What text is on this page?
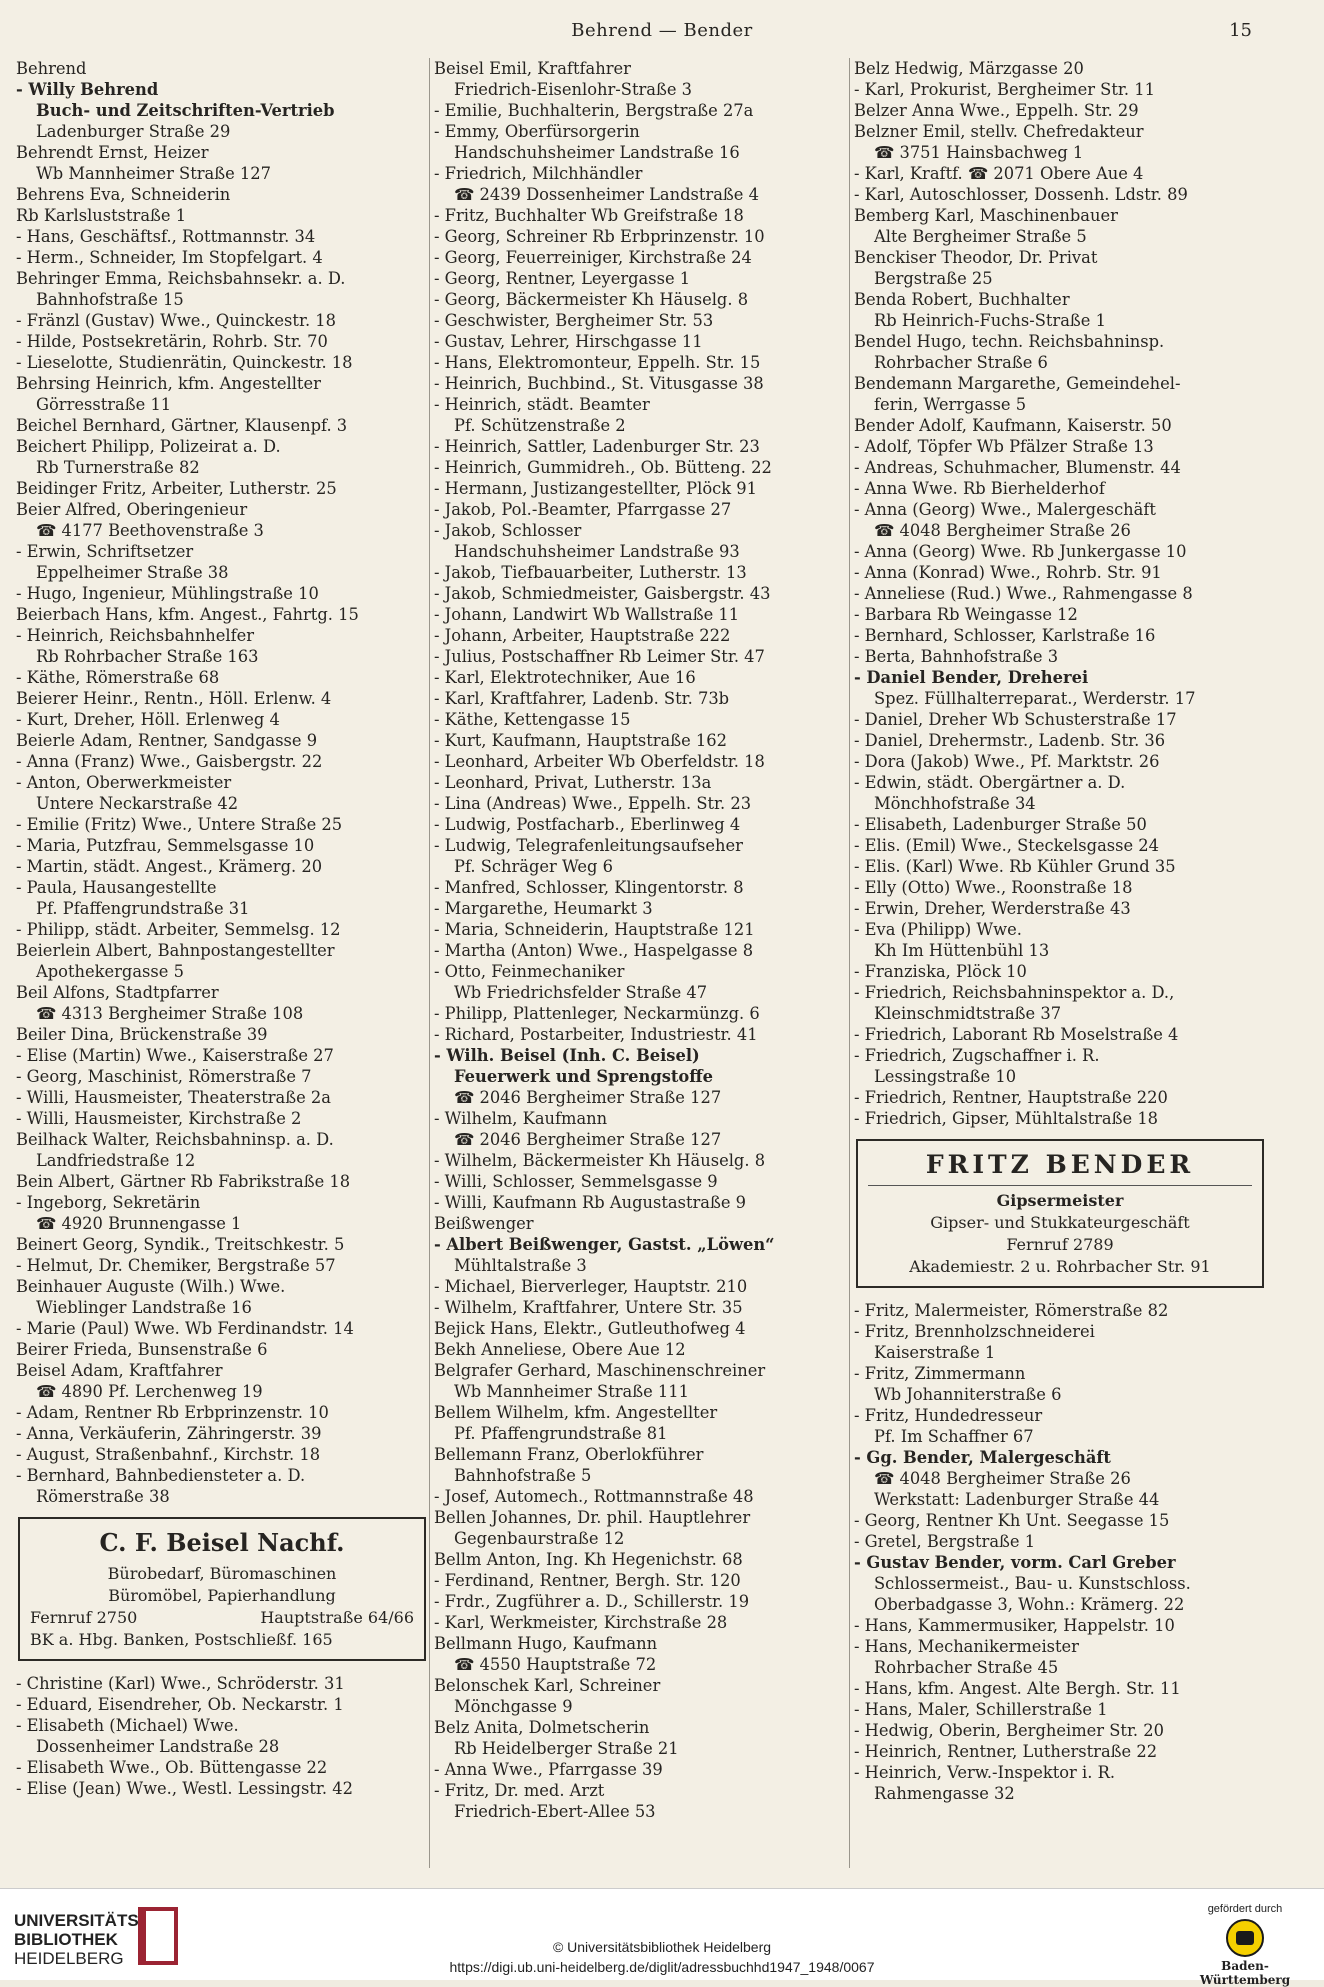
Behrend — Bender	15
Behrend
- Willy Behrend
Buch- und Zeitschriften-Vertrieb
Ladenburger Straße 29
Behrendt Ernst, Heizer
Wb Mannheimer Straße 127
Behrens Eva, Schneiderin
Rb Karlsluststraße 1
- Hans, Geschäftsf., Rottmannstr. 34
- Herm., Schneider, Im Stopfelgart. 4
Behringer Emma, Reichsbahnsekr. a. D.
Bahnhofstraße 15
- Fränzl (Gustav) Wwe., Quinckestr. 18
- Hilde, Postsekretärin, Rohrb. Str. 70
- Lieselotte, Studienrätin, Quinckestr. 18
Behrsing Heinrich, kfm. Angestellter
Görresstraße 11
Beichel Bernhard, Gärtner, Klausenpf. 3
Beichert Philipp, Polizeirat a. D.
Rb Turnerstraße 82
Beidinger Fritz, Arbeiter, Lutherstr. 25
Beier Alfred, Oberingenieur
☎ 4177 Beethovenstraße 3
- Erwin, Schriftsetzer
Eppelheimer Straße 38
- Hugo, Ingenieur, Mühlingstraße 10
Beierbach Hans, kfm. Angest., Fahrtg. 15
- Heinrich, Reichsbahnhelfer
Rb Rohrbacher Straße 163
- Käthe, Römerstraße 68
Beierer Heinr., Rentn., Höll. Erlenw. 4
- Kurt, Dreher, Höll. Erlenweg 4
Beierle Adam, Rentner, Sandgasse 9
- Anna (Franz) Wwe., Gaisbergstr. 22
- Anton, Oberwerkmeister
Untere Neckarstraße 42
- Emilie (Fritz) Wwe., Untere Straße 25
- Maria, Putzfrau, Semmelsgasse 10
- Martin, städt. Angest., Krämerg. 20
- Paula, Hausangestellte
Pf. Pfaffengrundstraße 31
- Philipp, städt. Arbeiter, Semmelsg. 12
Beierlein Albert, Bahnpostangestellter
Apothekergasse 5
Beil Alfons, Stadtpfarrer
☎ 4313 Bergheimer Straße 108
Beiler Dina, Brückenstraße 39
- Elise (Martin) Wwe., Kaiserstraße 27
- Georg, Maschinist, Römerstraße 7
- Willi, Hausmeister, Theaterstraße 2a
- Willi, Hausmeister, Kirchstraße 2
Beilhack Walter, Reichsbahninsp. a. D.
Landfriedstraße 12
Bein Albert, Gärtner Rb Fabrikstraße 18
- Ingeborg, Sekretärin
☎ 4920 Brunnengasse 1
Beinert Georg, Syndik., Treitschkestr. 5
- Helmut, Dr. Chemiker, Bergstraße 57
Beinhauer Auguste (Wilh.) Wwe.
Wieblinger Landstraße 16
- Marie (Paul) Wwe. Wb Ferdinandstr. 14
Beirer Frieda, Bunsenstraße 6
Beisel Adam, Kraftfahrer
☎ 4890 Pf. Lerchenweg 19
- Adam, Rentner Rb Erbprinzenstr. 10
- Anna, Verkäuferin, Zähringerstr. 39
- August, Straßenbahnf., Kirchstr. 18
- Bernhard, Bahnbediensteter a. D.
Römerstraße 38
C. F. Beisel Nachf.
Bürobedarf, Büromaschinen
Büromöbel, Papierhandlung
Fernruf 2750	Hauptstraße 64/66
BK a. Hbg. Banken, Postschließf. 165
- Christine (Karl) Wwe., Schröderstr. 31
- Eduard, Eisendreher, Ob. Neckarstr. 1
- Elisabeth (Michael) Wwe.
Dossenheimer Landstraße 28
- Elisabeth Wwe., Ob. Büttengasse 22
- Elise (Jean) Wwe., Westl. Lessingstr. 42
Beisel Emil, Kraftfahrer
Friedrich-Eisenlohr-Straße 3
- Emilie, Buchhalterin, Bergstraße 27a
- Emmy, Oberfürsorgerin
Handschuhsheimer Landstraße 16
- Friedrich, Milchhändler
☎ 2439 Dossenheimer Landstraße 4
- Fritz, Buchhalter Wb Greifstraße 18
- Georg, Schreiner Rb Erbprinzenstr. 10
- Georg, Feuerreiniger, Kirchstraße 24
- Georg, Rentner, Leyergasse 1
- Georg, Bäckermeister Kh Häuselg. 8
- Geschwister, Bergheimer Str. 53
- Gustav, Lehrer, Hirschgasse 11
- Hans, Elektromonteur, Eppelh. Str. 15
- Heinrich, Buchbind., St. Vitusgasse 38
- Heinrich, städt. Beamter
Pf. Schützenstraße 2
- Heinrich, Sattler, Ladenburger Str. 23
- Heinrich, Gummidreh., Ob. Bütteng. 22
- Hermann, Justizangestellter, Plöck 91
- Jakob, Pol.-Beamter, Pfarrgasse 27
- Jakob, Schlosser
Handschuhsheimer Landstraße 93
- Jakob, Tiefbauarbeiter, Lutherstr. 13
- Jakob, Schmiedmeister, Gaisbergstr. 43
- Johann, Landwirt Wb Wallstraße 11
- Johann, Arbeiter, Hauptstraße 222
- Julius, Postschaffner Rb Leimer Str. 47
- Karl, Elektrotechniker, Aue 16
- Karl, Kraftfahrer, Ladenb. Str. 73b
- Käthe, Kettengasse 15
- Kurt, Kaufmann, Hauptstraße 162
- Leonhard, Arbeiter Wb Oberfeldstr. 18
- Leonhard, Privat, Lutherstr. 13a
- Lina (Andreas) Wwe., Eppelh. Str. 23
- Ludwig, Postfacharb., Eberlinweg 4
- Ludwig, Telegrafenleitungsaufseher
Pf. Schräger Weg 6
- Manfred, Schlosser, Klingentorstr. 8
- Margarethe, Heumarkt 3
- Maria, Schneiderin, Hauptstraße 121
- Martha (Anton) Wwe., Haspelgasse 8
- Otto, Feinmechaniker
Wb Friedrichsfelder Straße 47
- Philipp, Plattenleger, Neckarmünzg. 6
- Richard, Postarbeiter, Industriestr. 41
- Wilh. Beisel (Inh. C. Beisel)
Feuerwerk und Sprengstoffe
☎ 2046 Bergheimer Straße 127
- Wilhelm, Kaufmann
☎ 2046 Bergheimer Straße 127
- Wilhelm, Bäckermeister Kh Häuselg. 8
- Willi, Schlosser, Semmelsgasse 9
- Willi, Kaufmann Rb Augustastraße 9
Beißwenger
- Albert Beißwenger, Gastst. „Löwen“
Mühltalstraße 3
- Michael, Bierverleger, Hauptstr. 210
- Wilhelm, Kraftfahrer, Untere Str. 35
Bejick Hans, Elektr., Gutleuthofweg 4
Bekh Anneliese, Obere Aue 12
Belgrafer Gerhard, Maschinenschreiner
Wb Mannheimer Straße 111
Bellem Wilhelm, kfm. Angestellter
Pf. Pfaffengrundstraße 81
Bellemann Franz, Oberlokführer
Bahnhofstraße 5
- Josef, Automech., Rottmannstraße 48
Bellen Johannes, Dr. phil. Hauptlehrer
Gegenbaurstraße 12
Bellm Anton, Ing. Kh Hegenichstr. 68
- Ferdinand, Rentner, Bergh. Str. 120
- Frdr., Zugführer a. D., Schillerstr. 19
- Karl, Werkmeister, Kirchstraße 28
Bellmann Hugo, Kaufmann
☎ 4550 Hauptstraße 72
Belonschek Karl, Schreiner
Mönchgasse 9
Belz Anita, Dolmetscherin
Rb Heidelberger Straße 21
- Anna Wwe., Pfarrgasse 39
- Fritz, Dr. med. Arzt
Friedrich-Ebert-Allee 53
Belz Hedwig, Märzgasse 20
- Karl, Prokurist, Bergheimer Str. 11
Belzer Anna Wwe., Eppelh. Str. 29
Belzner Emil, stellv. Chefredakteur
☎ 3751 Hainsbachweg 1
- Karl, Kraftf. ☎ 2071 Obere Aue 4
- Karl, Autoschlosser, Dossenh. Ldstr. 89
Bemberg Karl, Maschinenbauer
Alte Bergheimer Straße 5
Benckiser Theodor, Dr. Privat
Bergstraße 25
Benda Robert, Buchhalter
Rb Heinrich-Fuchs-Straße 1
Bendel Hugo, techn. Reichsbahninsp.
Rohrbacher Straße 6
Bendemann Margarethe, Gemeindehel-
ferin, Werrgasse 5
Bender Adolf, Kaufmann, Kaiserstr. 50
- Adolf, Töpfer Wb Pfälzer Straße 13
- Andreas, Schuhmacher, Blumenstr. 44
- Anna Wwe. Rb Bierhelderhof
- Anna (Georg) Wwe., Malergeschäft
☎ 4048 Bergheimer Straße 26
- Anna (Georg) Wwe. Rb Junkergasse 10
- Anna (Konrad) Wwe., Rohrb. Str. 91
- Anneliese (Rud.) Wwe., Rahmengasse 8
- Barbara Rb Weingasse 12
- Bernhard, Schlosser, Karlstraße 16
- Berta, Bahnhofstraße 3
- Daniel Bender, Dreherei
Spez. Füllhalterreparat., Werderstr. 17
- Daniel, Dreher Wb Schusterstraße 17
- Daniel, Drehermstr., Ladenb. Str. 36
- Dora (Jakob) Wwe., Pf. Marktstr. 26
- Edwin, städt. Obergärtner a. D.
Mönchhofstraße 34
- Elisabeth, Ladenburger Straße 50
- Elis. (Emil) Wwe., Steckelsgasse 24
- Elis. (Karl) Wwe. Rb Kühler Grund 35
- Elly (Otto) Wwe., Roonstraße 18
- Erwin, Dreher, Werderstraße 43
- Eva (Philipp) Wwe.
Kh Im Hüttenbühl 13
- Franziska, Plöck 10
- Friedrich, Reichsbahninspektor a. D.,
Kleinschmidtstraße 37
- Friedrich, Laborant Rb Moselstraße 4
- Friedrich, Zugschaffner i. R.
Lessingstraße 10
- Friedrich, Rentner, Hauptstraße 220
- Friedrich, Gipser, Mühltalstraße 18
FRITZ BENDER
Gipsermeister
Gipser- und Stukkateurgeschäft
Fernruf 2789
Akademiestr. 2 u. Rohrbacher Str. 91
- Fritz, Malermeister, Römerstraße 82
- Fritz, Brennholzschneiderei
Kaiserstraße 1
- Fritz, Zimmermann
Wb Johanniterstraße 6
- Fritz, Hundedresseur
Pf. Im Schaffner 67
- Gg. Bender, Malergeschäft
☎ 4048 Bergheimer Straße 26
Werkstatt: Ladenburger Straße 44
- Georg, Rentner Kh Unt. Seegasse 15
- Gretel, Bergstraße 1
- Gustav Bender, vorm. Carl Greber
Schlossermeist., Bau- u. Kunstschloss.
Oberbadgasse 3, Wohn.: Krämerg. 22
- Hans, Kammermusiker, Happelstr. 10
- Hans, Mechanikermeister
Rohrbacher Straße 45
- Hans, kfm. Angest. Alte Bergh. Str. 11
- Hans, Maler, Schillerstraße 1
- Hedwig, Oberin, Bergheimer Str. 20
- Heinrich, Rentner, Lutherstraße 22
- Heinrich, Verw.-Inspektor i. R.
Rahmengasse 32
UNIVERSITÄTS-
BIBLIOTHEK
HEIDELBERG
© Universitätsbibliothek Heidelberg
https://digi.ub.uni-heidelberg.de/diglit/adressbuchhd1947_1948/0067
gefördert durch
Baden-Württemberg
